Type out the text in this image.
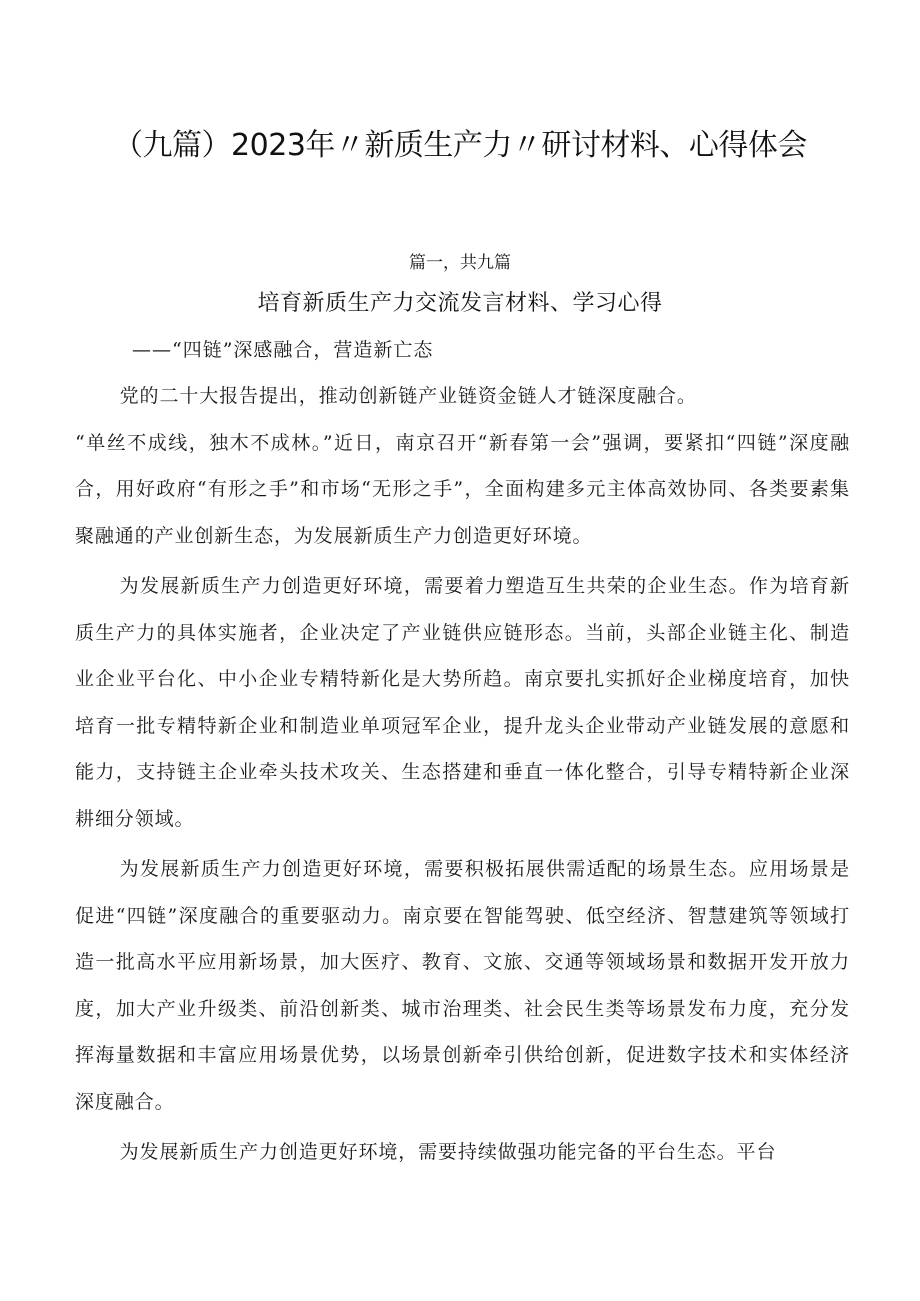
（九篇）2023年〃新质生产力〃研讨材料、心得体会
篇一，共九篇
培育新质生产力交流发言材料、学习心得
——“四链”深感融合，营造新亡态

党的二十大报告提出，推动创新链产业链资金链人才链深度融合。

“单丝不成线，独木不成林。”近日，南京召开“新春第一会”强调，要紧扣“四链”深度融合，用好政府“有形之手”和市场“无形之手”，全面构建多元主体高效协同、各类要素集聚融通的产业创新生态，为发展新质生产力创造更好环境。

为发展新质生产力创造更好环境，需要着力塑造互生共荣的企业生态。作为培育新质生产力的具体实施者，企业决定了产业链供应链形态。当前，头部企业链主化、制造业企业平台化、中小企业专精特新化是大势所趋。南京要扎实抓好企业梯度培育，加快培育一批专精特新企业和制造业单项冠军企业，提升龙头企业带动产业链发展的意愿和能力，支持链主企业牵头技术攻关、生态搭建和垂直一体化整合，引导专精特新企业深耕细分领域。

为发展新质生产力创造更好环境，需要积极拓展供需适配的场景生态。应用场景是促进“四链”深度融合的重要驱动力。南京要在智能驾驶、低空经济、智慧建筑等领域打造一批高水平应用新场景，加大医疗、教育、文旅、交通等领域场景和数据开发开放力度，加大产业升级类、前沿创新类、城市治理类、社会民生类等场景发布力度，充分发挥海量数据和丰富应用场景优势，以场景创新牵引供给创新，促进数字技术和实体经济深度融合。

为发展新质生产力创造更好环境，需要持续做强功能完备的平台生态。平台
